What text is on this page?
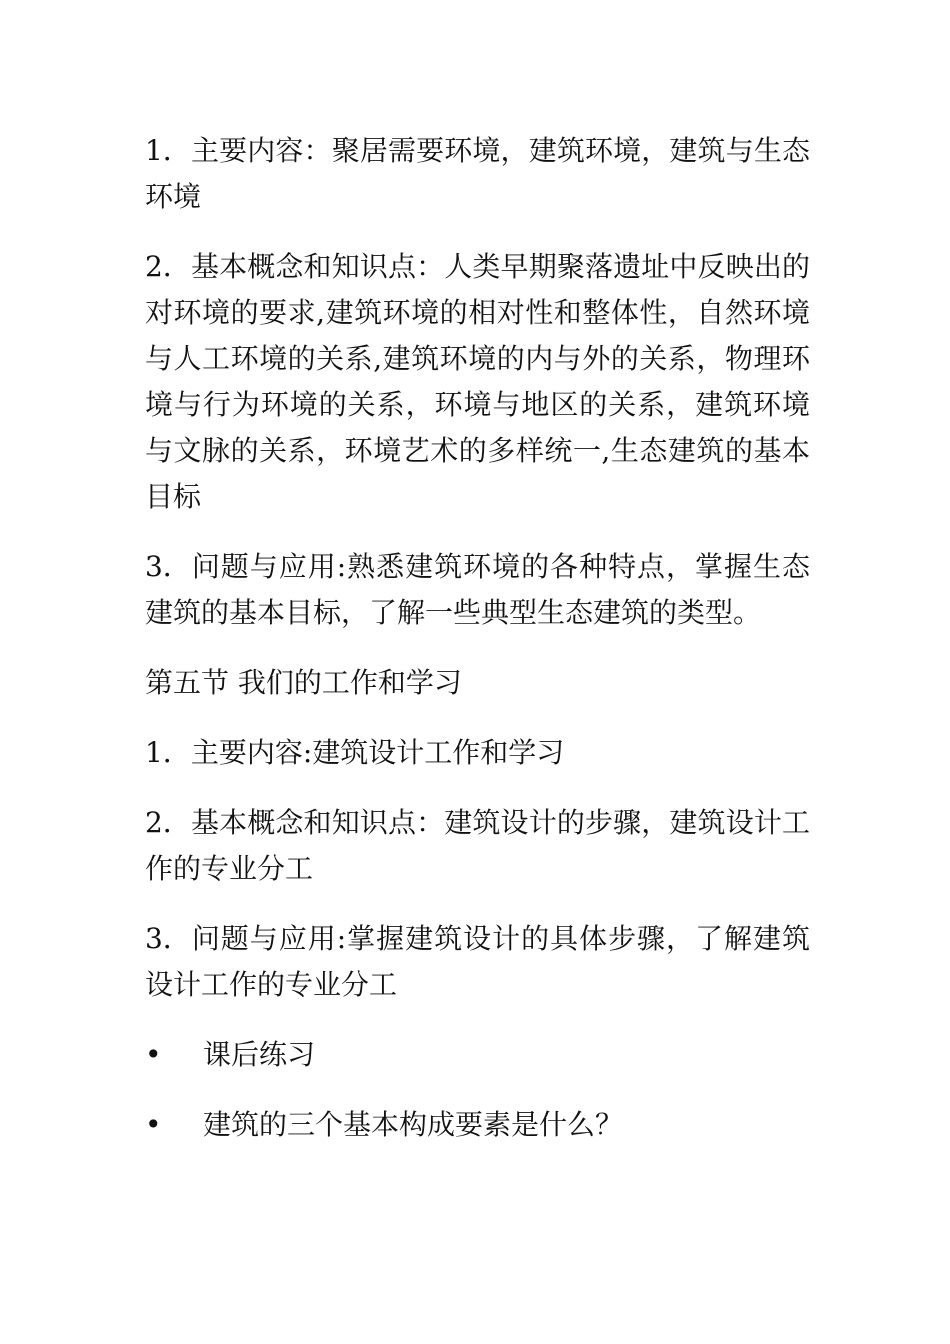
1．主要内容：聚居需要环境，建筑环境，建筑与生态环境

2．基本概念和知识点：人类早期聚落遗址中反映出的对环境的要求,建筑环境的相对性和整体性，自然环境与人工环境的关系,建筑环境的内与外的关系，物理环境与行为环境的关系，环境与地区的关系，建筑环境与文脉的关系，环境艺术的多样统一,生态建筑的基本目标

3．问题与应用:熟悉建筑环境的各种特点，掌握生态建筑的基本目标，了解一些典型生态建筑的类型。

第五节 我们的工作和学习

1．主要内容:建筑设计工作和学习

2．基本概念和知识点：建筑设计的步骤，建筑设计工作的专业分工

3．问题与应用:掌握建筑设计的具体步骤，了解建筑设计工作的专业分工

• 课后练习

• 建筑的三个基本构成要素是什么？
